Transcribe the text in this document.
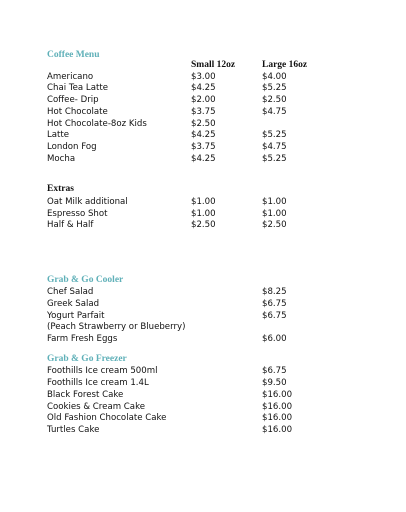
Coffee Menu
Small 12oz	Large 16oz
Americano	$3.00	$4.00
Chai Tea Latte	$4.25	$5.25
Coffee- Drip	$2.00	$2.50
Hot Chocolate	$3.75	$4.75
Hot Chocolate-8oz Kids	$2.50
Latte	$4.25	$5.25
London Fog	$3.75	$4.75
Mocha	$4.25	$5.25
Extras
Oat Milk additional	$1.00	$1.00
Espresso Shot	$1.00	$1.00
Half & Half	$2.50	$2.50
Grab & Go Cooler
Chef Salad	$8.25
Greek Salad	$6.75
Yogurt Parfait	$6.75
(Peach Strawberry or Blueberry)
Farm Fresh Eggs	$6.00
Grab & Go Freezer
Foothills Ice cream 500ml	$6.75
Foothills Ice cream 1.4L	$9.50
Black Forest Cake	$16.00
Cookies & Cream Cake	$16.00
Old Fashion Chocolate Cake	$16.00
Turtles Cake	$16.00
